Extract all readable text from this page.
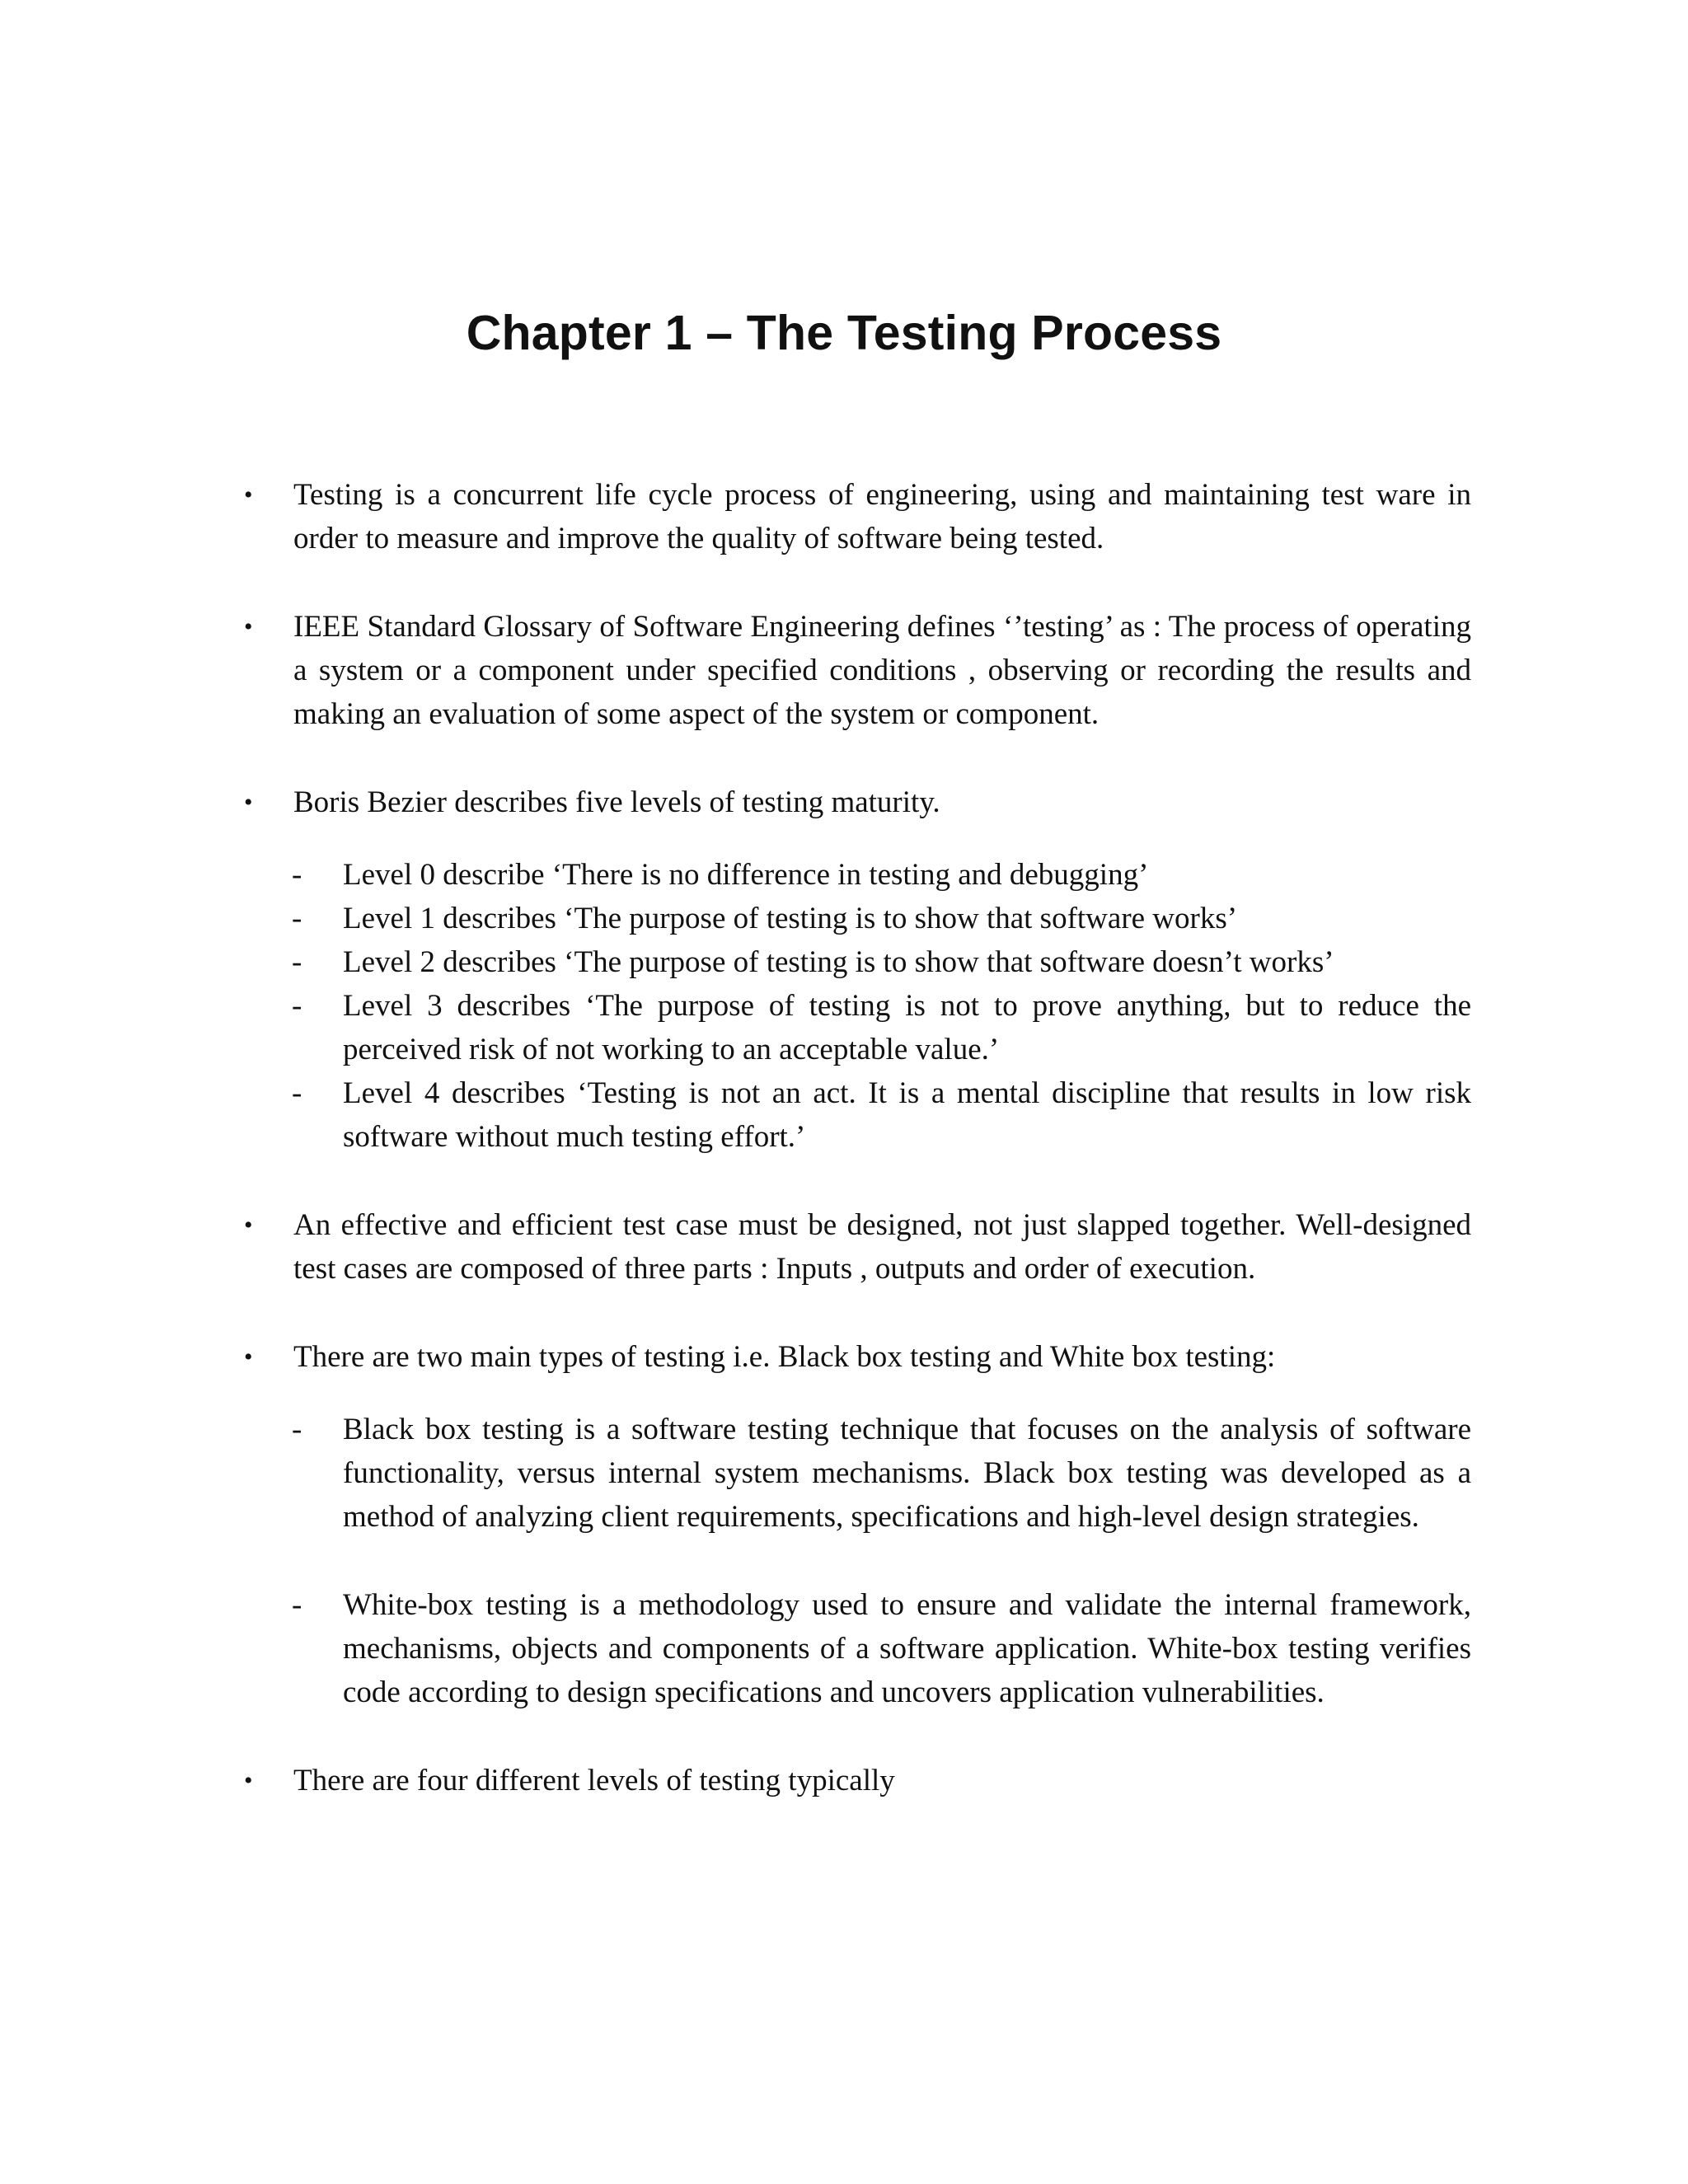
Chapter 1 – The Testing Process
• Testing is a concurrent life cycle process of engineering, using and maintaining test ware in order to measure and improve the quality of software being tested.
• IEEE Standard Glossary of Software Engineering defines ‘’testing’ as : The process of operating a system or a component under specified conditions , observing or recording the results and making an evaluation of some aspect of the system or component.
• Boris Bezier describes five levels of testing maturity.
- Level 0 describe ‘There is no difference in testing and debugging’
- Level 1 describes ‘The purpose of testing is to show that software works’
- Level 2 describes ‘The purpose of testing is to show that software doesn’t works’
- Level 3 describes ‘The purpose of testing is not to prove anything, but to reduce the perceived risk of not working to an acceptable value.’
- Level 4 describes ‘Testing is not an act. It is a mental discipline that results in low risk software without much testing effort.’
• An effective and efficient test case must be designed, not just slapped together. Well-designed test cases are composed of three parts : Inputs , outputs and order of execution.
• There are two main types of testing i.e. Black box testing and White box testing:
- Black box testing is a software testing technique that focuses on the analysis of software functionality, versus internal system mechanisms. Black box testing was developed as a method of analyzing client requirements, specifications and high-level design strategies.
- White-box testing is a methodology used to ensure and validate the internal framework, mechanisms, objects and components of a software application. White-box testing verifies code according to design specifications and uncovers application vulnerabilities.
• There are four different levels of testing typically
